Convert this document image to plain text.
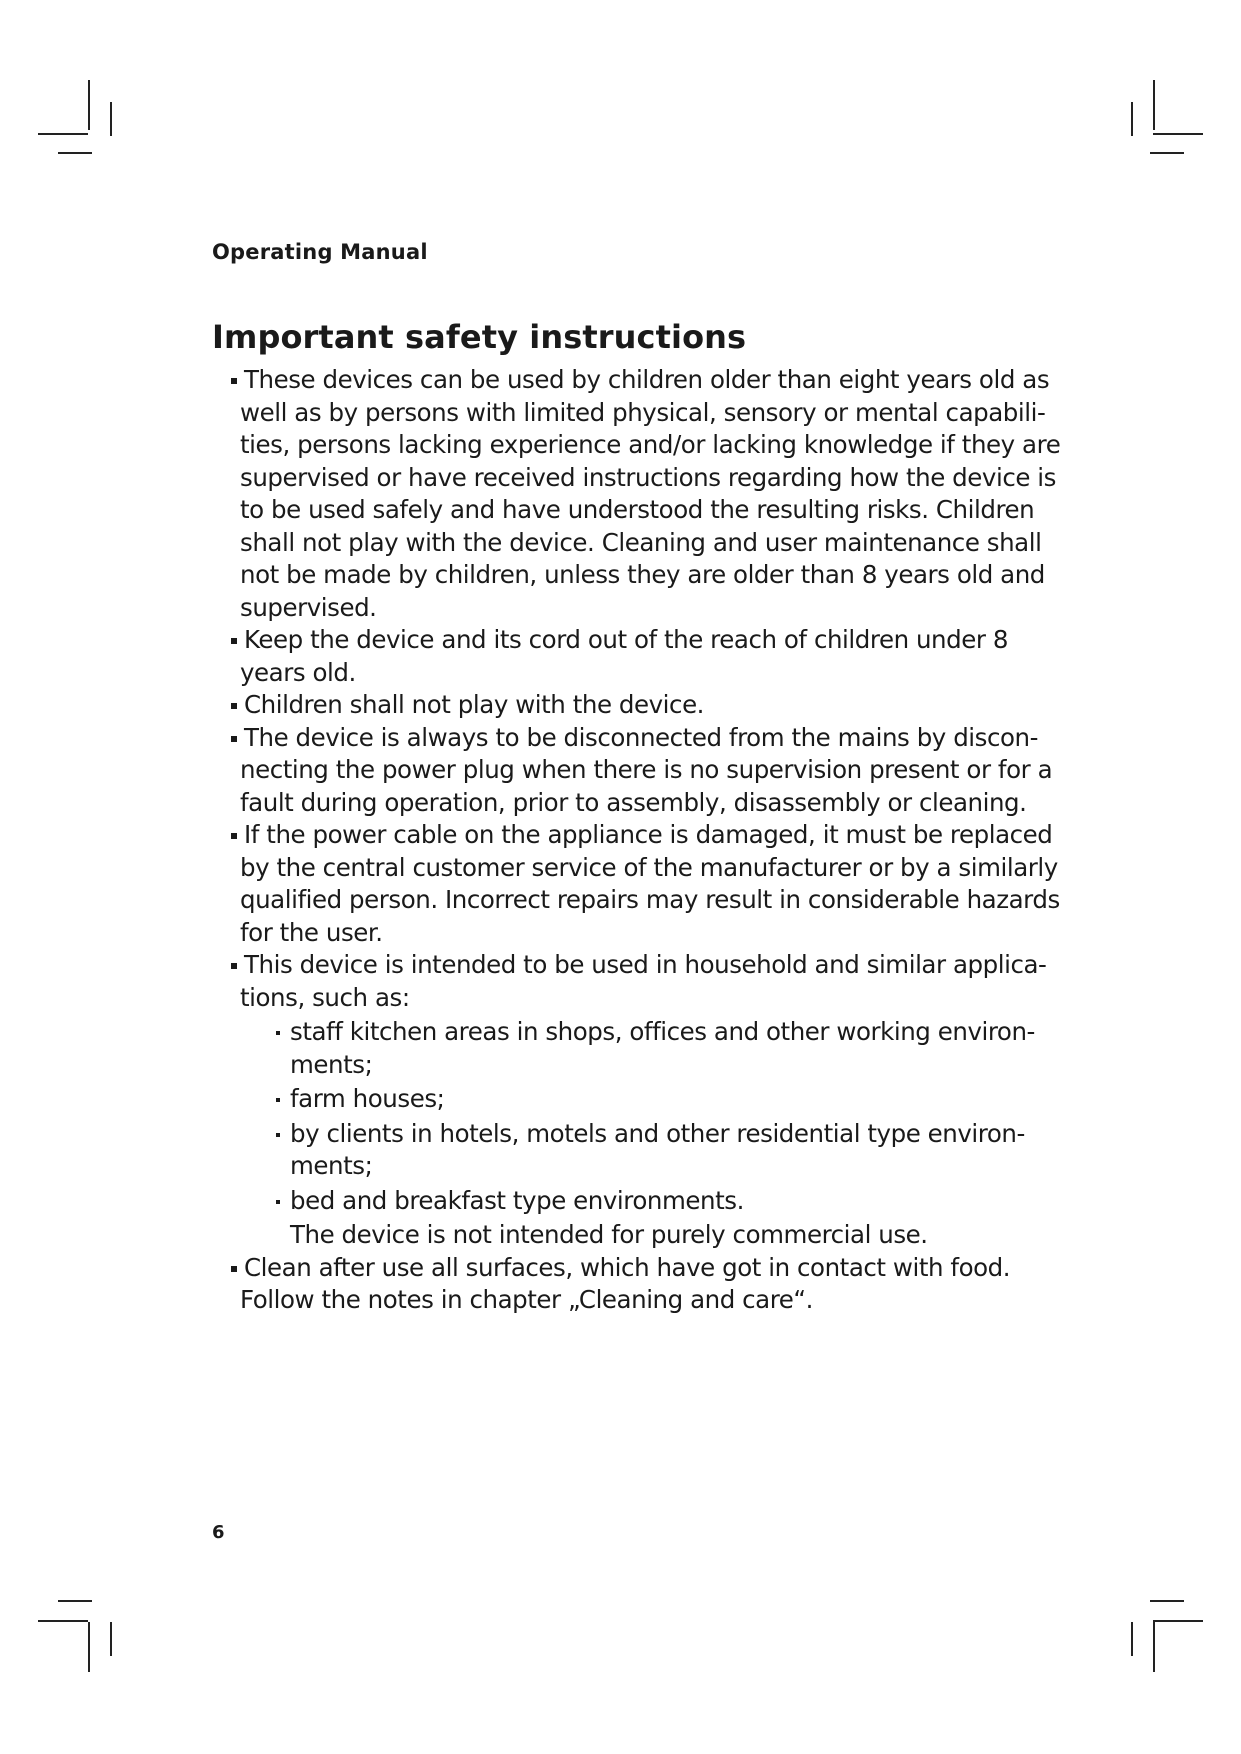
Operating Manual
Important safety instructions
These devices can be used by children older than eight years old as well as by persons with limited physical, sensory or mental capabili- ties, persons lacking experience and/or lacking knowledge if they are supervised or have received instructions regarding how the device is to be used safely and have understood the resulting risks. Children shall not play with the device. Cleaning and user maintenance shall not be made by children, unless they are older than 8 years old and supervised.
Keep the device and its cord out of the reach of children under 8 years old.
Children shall not play with the device.
The device is always to be disconnected from the mains by discon- necting the power plug when there is no supervision present or for a fault during operation, prior to assembly, disassembly or cleaning.
If the power cable on the appliance is damaged, it must be replaced by the central customer service of the manufacturer or by a similarly qualified person. Incorrect repairs may result in considerable hazards for the user.
This device is intended to be used in household and similar applica- tions, such as:
staff kitchen areas in shops, offices and other working environ- ments;
farm houses;
by clients in hotels, motels and other residential type environ- ments;
bed and breakfast type environments.
The device is not intended for purely commercial use.
Clean after use all surfaces, which have got in contact with food. Follow the notes in chapter „Cleaning and care“.
6
